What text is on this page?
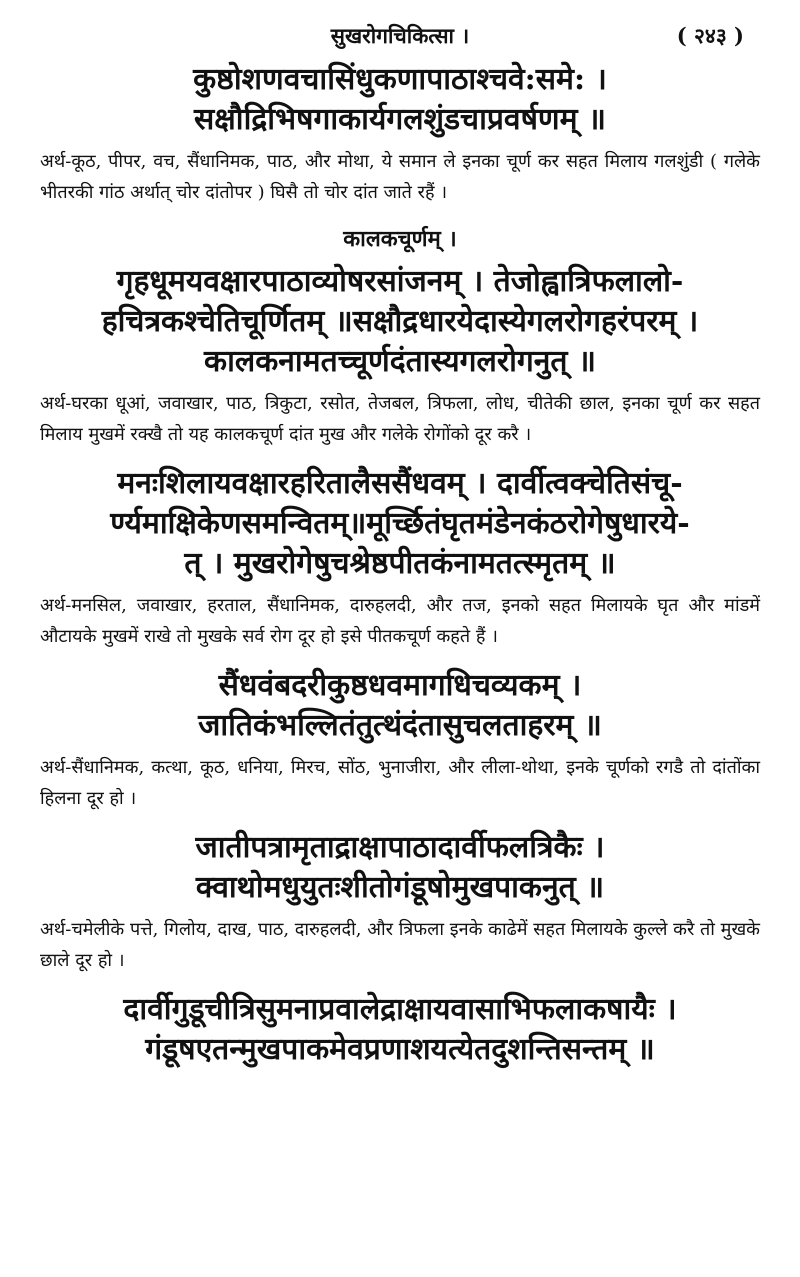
सुखरोगचिकित्सा ।	( २४३ )
कुष्ठोशणवचासिंधुकणापाठाश्चवे:समे: ।
सक्षौद्रिभिषगाकार्यगलशुंडचाप्रवर्षणम् ॥

अर्थ-कूठ, पीपर, वच, सैंधानिमक, पाठ, और मोथा, ये समान ले इनका चूर्ण कर सहत मिलाय गलशुंडी ( गलेके भीतरकी गांठ अर्थात् चोर दांतोपर ) घिसै तो चोर दांत जाते रहैं ।

कालकचूर्णम् ।
गृहधूमयवक्षारपाठाव्योषरसांजनम् । तेजोह्वात्रिफलालो-
हचित्रकश्चेतिचूर्णितम् ॥सक्षौद्रधारयेदास्येगलरोगहरंपरम् ।
कालकनामतच्चूर्णदंतास्यगलरोगनुत् ॥

अर्थ-घरका धूआं, जवाखार, पाठ, त्रिकुटा, रसोत, तेजबल, त्रिफला, लोध, चीतेकी छाल, इनका चूर्ण कर सहत मिलाय मुखमें रक्खै तो यह कालकचूर्ण दांत मुख और गलेके रोगोंको दूर करै ।

मनःशिलायवक्षारहरितालैससैंधवम् । दार्वीत्वक्चेतिसंचू-
र्ण्यमाक्षिकेणसमन्वितम्॥मूर्च्छितंघृतमंडेनकंठरोगेषुधारये-
त् । मुखरोगेषुचश्रेष्ठपीतकंनामतत्स्मृतम् ॥

अर्थ-मनसिल, जवाखार, हरताल, सैंधानिमक, दारुहलदी, और तज, इनको सहत मिलायके घृत और मांडमें औटायके मुखमें राखे तो मुखके सर्व रोग दूर हो इसे पीतकचूर्ण कहते हैं ।

सैंधवंबदरीकुष्ठधवमागधिचव्यकम् ।
जातिकंभल्लितंतुत्थंदंतासुचलताहरम् ॥

अर्थ-सैंधानिमक, कत्था, कूठ, धनिया, मिरच, सोंठ, भुनाजीरा, और लीला-थोथा, इनके चूर्णको रगडै तो दांतोंका हिलना दूर हो ।

जातीपत्रामृताद्राक्षापाठादार्वीफलत्रिकैः ।
क्वाथोमधुयुतःशीतोगंडूषोमुखपाकनुत् ॥

अर्थ-चमेलीके पत्ते, गिलोय, दाख, पाठ, दारुहलदी, और त्रिफला इनके काढेमें सहत मिलायके कुल्ले करै तो मुखके छाले दूर हो ।

दार्वीगुडूचीत्रिसुमनाप्रवालेद्राक्षायवासाभिफलाकषायैः ।
गंडूषएतन्मुखपाकमेवप्रणाशयत्येतदुशन्तिसन्तम् ॥
